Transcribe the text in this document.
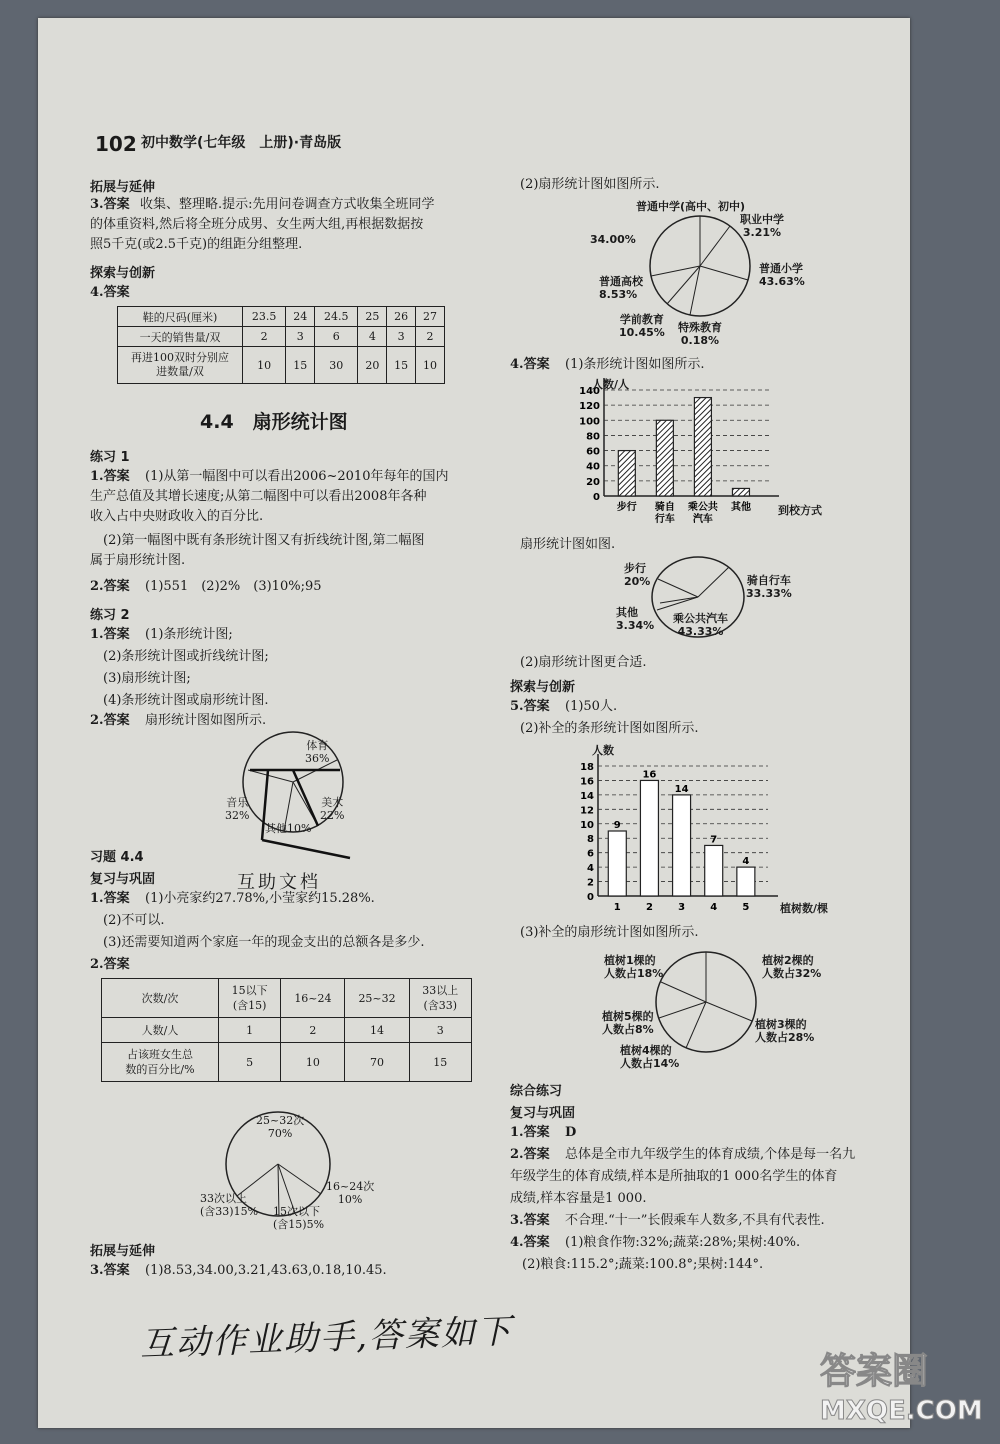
102 初中数学(七年级　上册)·青岛版
拓展与延伸
3.答案 收集、整理略.提示:先用问卷调查方式收集全班同学
的体重资料,然后将全班分成男、女生两大组,再根据数据按
照5千克(或2.5千克)的组距分组整理.
探索与创新
4.答案
鞋的尺码(厘米)	23.5	24	24.5	25	26	27
一天的销售量/双	2	3	6	4	3	2
再进100双时分别应
进数量/双	10	15	30	20	15	10
4.4　扇形统计图
练习 1
1.答案 (1)从第一幅图中可以看出2006~2010年每年的国内
生产总值及其增长速度;从第二幅图中可以看出2008年各种
收入占中央财政收入的百分比.
(2)第一幅图中既有条形统计图又有折线统计图,第二幅图
属于扇形统计图.
2.答案 (1)551　(2)2%　(3)10%;95
练习 2
1.答案 (1)条形统计图;
(2)条形统计图或折线统计图;
(3)扇形统计图;
(4)条形统计图或扇形统计图.
2.答案 扇形统计图如图所示.
体育
36%
音乐
32%
美术
22%
其他10%
互助文档
习题 4.4
复习与巩固
1.答案 (1)小亮家约27.78%,小莹家约15.28%.
(2)不可以.
(3)还需要知道两个家庭一年的现金支出的总额各是多少.
2.答案
次数/次	15以下
(含15)	16~24	25~32	33以上
(含33)
人数/人	1	2	14	3
占该班女生总
数的百分比/%	5	10	70	15
25~32次
70%
16~24次
10%
33次以上
(含33)15% 15次以下
(含15)5%
拓展与延伸
3.答案 (1)8.53,34.00,3.21,43.63,0.18,10.45.
(2)扇形统计图如图所示.
普通中学(高中、初中)
34.00%
职业中学
3.21%
普通高校
8.53%
普通小学
43.63%
学前教育
10.45% 特殊教育
0.18%
4.答案 (1)条形统计图如图所示.
140
120
100
80
60
40
20
0
步行 骑自
行车
乘公共
汽车
其他
人数/人
到校方式
扇形统计图如图.
步行
20%	骑自行车
33.33%
其他
3.34%
乘公共汽车
43.33%
(2)扇形统计图更合适.
探索与创新
5.答案 (1)50人.
(2)补全的条形统计图如图所示.
18
16
14
12
10
8
6
4
2
0
9
1
16
2
14
3
7
4
4
5
人数
植树数/棵
(3)补全的扇形统计图如图所示.
植树1棵的
人数占18%
植树2棵的
人数占32%
植树5棵的
人数占8%	植树3棵的
人数占28%
植树4棵的
人数占14%
综合练习
复习与巩固
1.答案 D
2.答案 总体是全市九年级学生的体育成绩,个体是每一名九
年级学生的体育成绩,样本是所抽取的1 000名学生的体育
成绩,样本容量是1 000.
3.答案 不合理.“十一”长假乘车人数多,不具有代表性.
4.答案 (1)粮食作物:32%;蔬菜:28%;果树:40%.
(2)粮食:115.2°;蔬菜:100.8°;果树:144°.
互动作业助手,答案如下
答案圈
MXQE.COM
